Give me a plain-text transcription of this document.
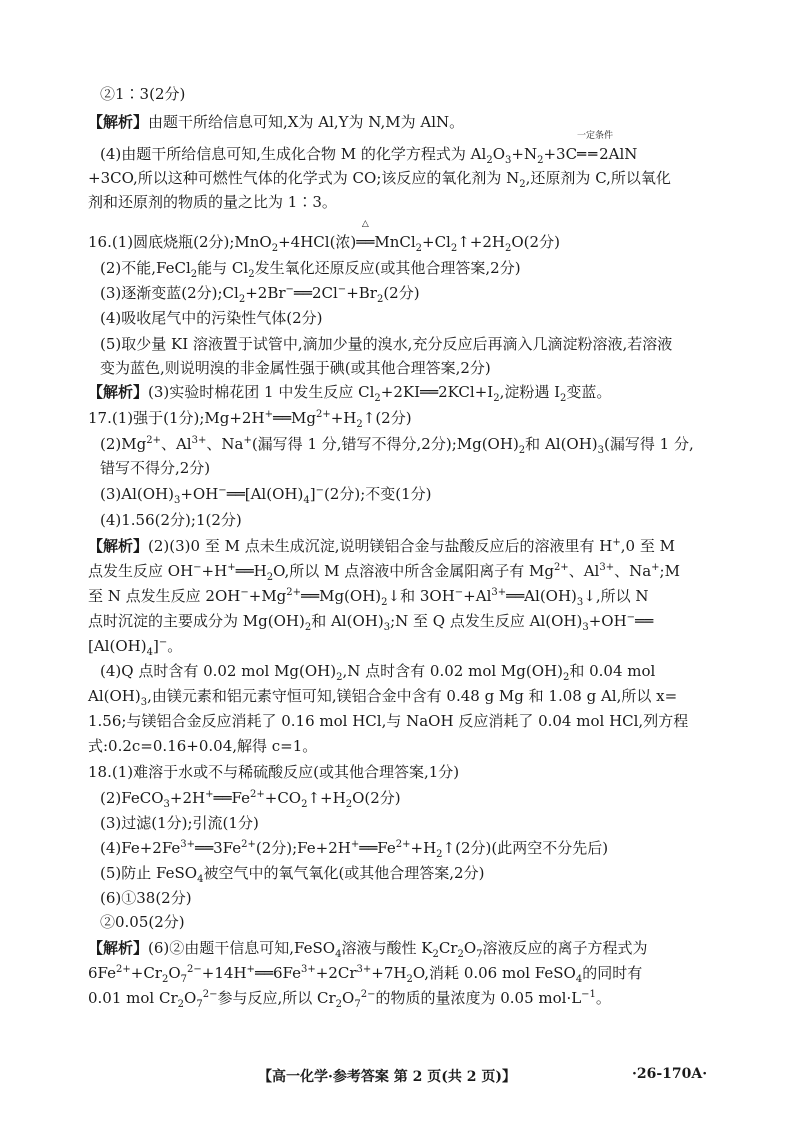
②1∶3(2分)
【解析】由题干所给信息可知,X为 Al,Y为 N,M为 AlN。
(4)由题干所给信息可知,生成化合物 M 的化学方程式为 $Al_2O_3+N_2+3C$
一定条件
══2AlN
+3CO,所以这种可燃性气体的化学式为 CO;该反应的氧化剂为 $N_2$,还原剂为 C,所以氧化
剂和还原剂的物质的量之比为 1∶3。
16.(1)圆底烧瓶(2分);MnO$_2$+4HCl(浓)
△
$══MnCl_2+Cl_2↑+2H_2O(2$分)
(2)不能,FeCl$_2$能与 $Cl_2$发生氧化还原反应(或其他合理答案,2分)
(3)逐渐变蓝(2分)$;Cl_2+2Br^-══2Cl^-+Br_2(2$分)
(4)吸收尾气中的污染性气体(2分)
(5)取少量 KI 溶液置于试管中,滴加少量的溴水,充分反应后再滴入几滴淀粉溶液,若溶液
变为蓝色,则说明溴的非金属性强于碘(或其他合理答案,2分)
【解析】(3)实验时棉花团 1 中发生反应 $Cl_2+2KI══2KCl+I_2$,淀粉遇 $I_2$变蓝。
17.(1)强于(1分)$;Mg+2H^+══Mg^{2+}+H_2↑(2$分)
$(2)Mg^{2+}$、$Al^{3+}$、Na+(漏写得 1 分,错写不得分,2分)$;Mg(OH)_2$和 $Al(OH)_3$(漏写得 1 分,
错写不得分,2分)
$(3)Al(OH)_3+OH^-══[Al(OH)_4]^-(2$分);不变(1分)
(4)1.56(2分);1(2分)
【解析】(2)(3)0 至 M 点未生成沉淀,说明镁铝合金与盐酸反应后的溶液里有 H+,0 至 M
点发生反应 $OH^-+H^+══H_2O$,所以 M 点溶液中所含金属阳离子有 $Mg^{2+}$、$Al^{3+}$、Na+;M
至 N 点发生反应 $2OH^-+Mg^{2+}══Mg(OH)_2↓$和 $3OH^-+Al^{3+}══Al(OH)_3↓$,所以 N
点时沉淀的主要成分为 $Mg(OH)_2$和 $Al(OH)_3;N$ 至 Q 点发生反应 $Al(OH)_3+OH^-══$
$[Al(OH)_4]^-$。
(4)Q 点时含有 0.02 mol $Mg(OH)_2,N$ 点时含有 0.02 mol $Mg(OH)_2$和 0.04 mol
$Al(OH)_3$,由镁元素和铝元素守恒可知,镁铝合金中含有 0.48 g Mg 和 1.08 g Al,所以 x=
1.56;与镁铝合金反应消耗了 0.16 mol HCl,与 NaOH 反应消耗了 0.04 mol HCl,列方程
式:0.2c=0.16+0.04,解得 c=1。
18.(1)难溶于水或不与稀硫酸反应(或其他合理答案,1分)
$(2)FeCO_3+2H^+══Fe^{2+}+CO_2↑+H_2O(2$分)
(3)过滤(1分);引流(1分)
$(4)Fe+2Fe^{3+}══3Fe^{2+}(2$分)$;Fe+2H^+══Fe^{2+}+H_2↑(2$分)(此两空不分先后)
(5)防止 FeSO$_4$被空气中的氧气氧化(或其他合理答案,2分)
(6)①38(2分)
②0.05(2分)
【解析】(6)②由题干信息可知,FeSO$_4$溶液与酸性 $K_2Cr_2O_7$溶液反应的离子方程式为
$6Fe^{2+}+Cr_2O_7^{2-}+14H^+══6Fe^{3+}+2Cr^{3+}+7H_2O$,消耗 0.06 mol FeSO$_4$的同时有
0.01 mol $Cr_2O_7^{2-}$参与反应,所以 $Cr_2O_7^{2-}$的物质的量浓度为 0.05 $mol\cdot L^{-1}$。
【高一化学·参考答案 第 2 页(共 2 页)】	·26-170A·
